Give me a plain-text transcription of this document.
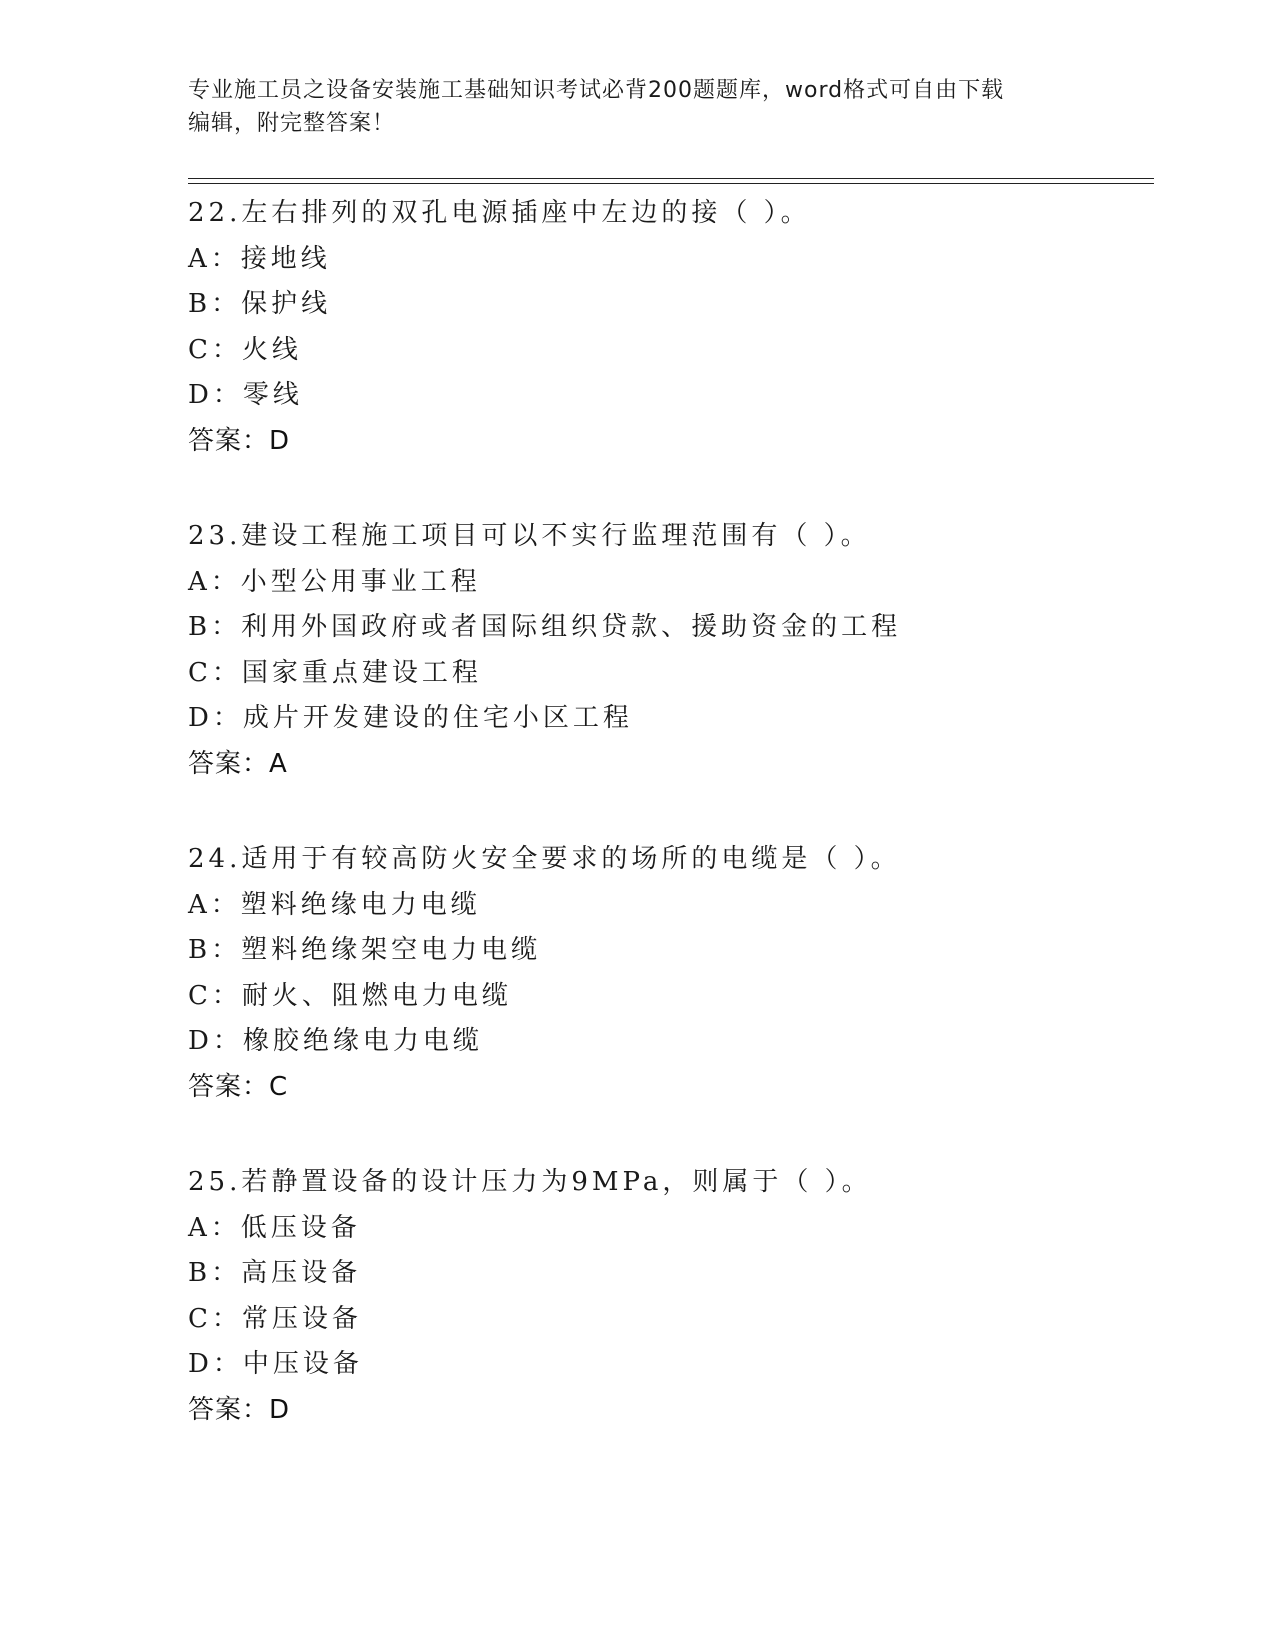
专业施工员之设备安装施工基础知识考试必背200题题库，word格式可自由下载
编辑，附完整答案！
22.左右排列的双孔电源插座中左边的接（ ）。
A：接地线
B：保护线
C：火线
D：零线
答案：D
23.建设工程施工项目可以不实行监理范围有（ ）。
A：小型公用事业工程
B：利用外国政府或者国际组织贷款、援助资金的工程
C：国家重点建设工程
D：成片开发建设的住宅小区工程
答案：A
24.适用于有较高防火安全要求的场所的电缆是（ ）。
A：塑料绝缘电力电缆
B：塑料绝缘架空电力电缆
C：耐火、阻燃电力电缆
D：橡胶绝缘电力电缆
答案：C
25.若静置设备的设计压力为9MPa，则属于（ ）。
A：低压设备
B：高压设备
C：常压设备
D：中压设备
答案：D
